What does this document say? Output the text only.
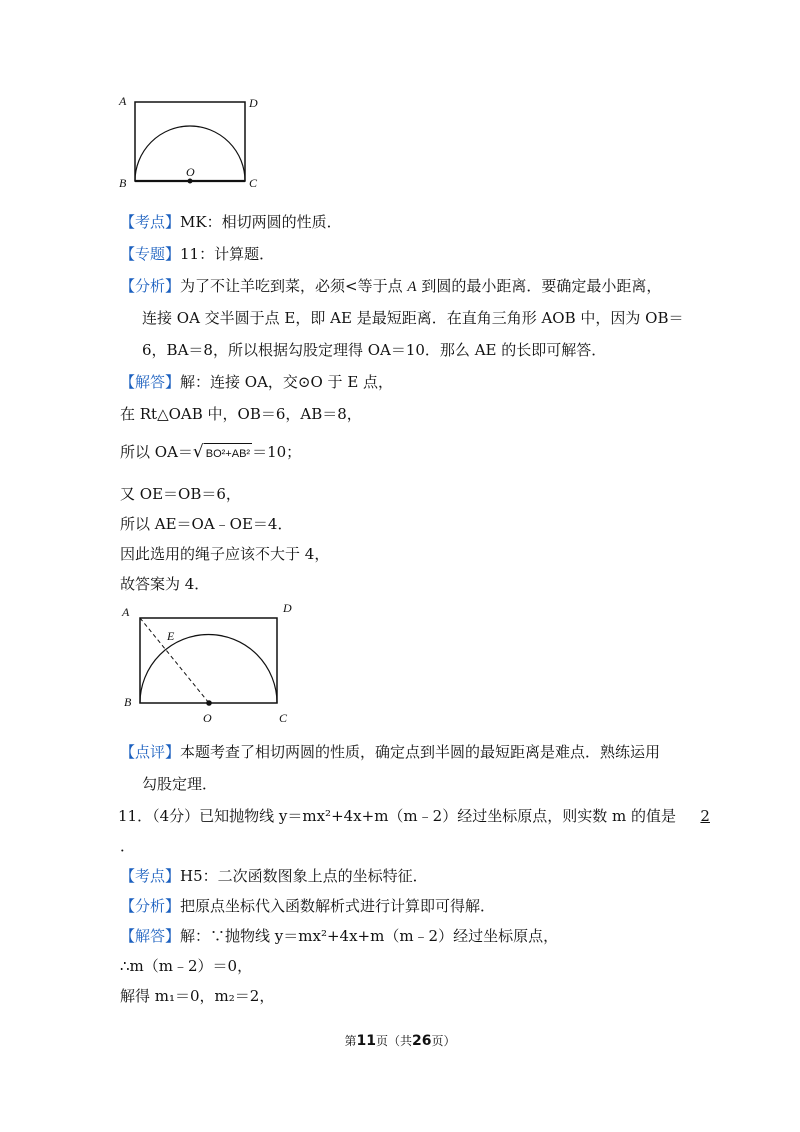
A	D
B	C
O
【考点】MK：相切两圆的性质．
【专题】11：计算题．
【分析】为了不让羊吃到菜，必须<等于点 A 到圆的最小距离．要确定最小距离，
连接 OA 交半圆于点 E，即 AE 是最短距离．在直角三角形 AOB 中，因为 OB＝
6，BA＝8，所以根据勾股定理得 OA＝10．那么 AE 的长即可解答．
【解答】解：连接 OA，交⊙O 于 E 点，
在 Rt△OAB 中，OB＝6，AB＝8，
所以 OA＝√ BO²+AB² ＝10；
又 OE＝OB＝6，
所以 AE＝OA﹣OE＝4．
因此选用的绳子应该不大于 4，
故答案为 4．
A	D
B
C
O
E
【点评】本题考查了相切两圆的性质，确定点到半圆的最短距离是难点．熟练运用
勾股定理．
11．（4分）已知抛物线 y＝mx²+4x+m（m﹣2）经过坐标原点，则实数 m 的值是 2
．
【考点】H5：二次函数图象上点的坐标特征．
【分析】把原点坐标代入函数解析式进行计算即可得解．
【解答】解：∵抛物线 y＝mx²+4x+m（m﹣2）经过坐标原点，
∴m（m﹣2）＝0，
解得 m₁＝0，m₂＝2，
第11页（共26页）
